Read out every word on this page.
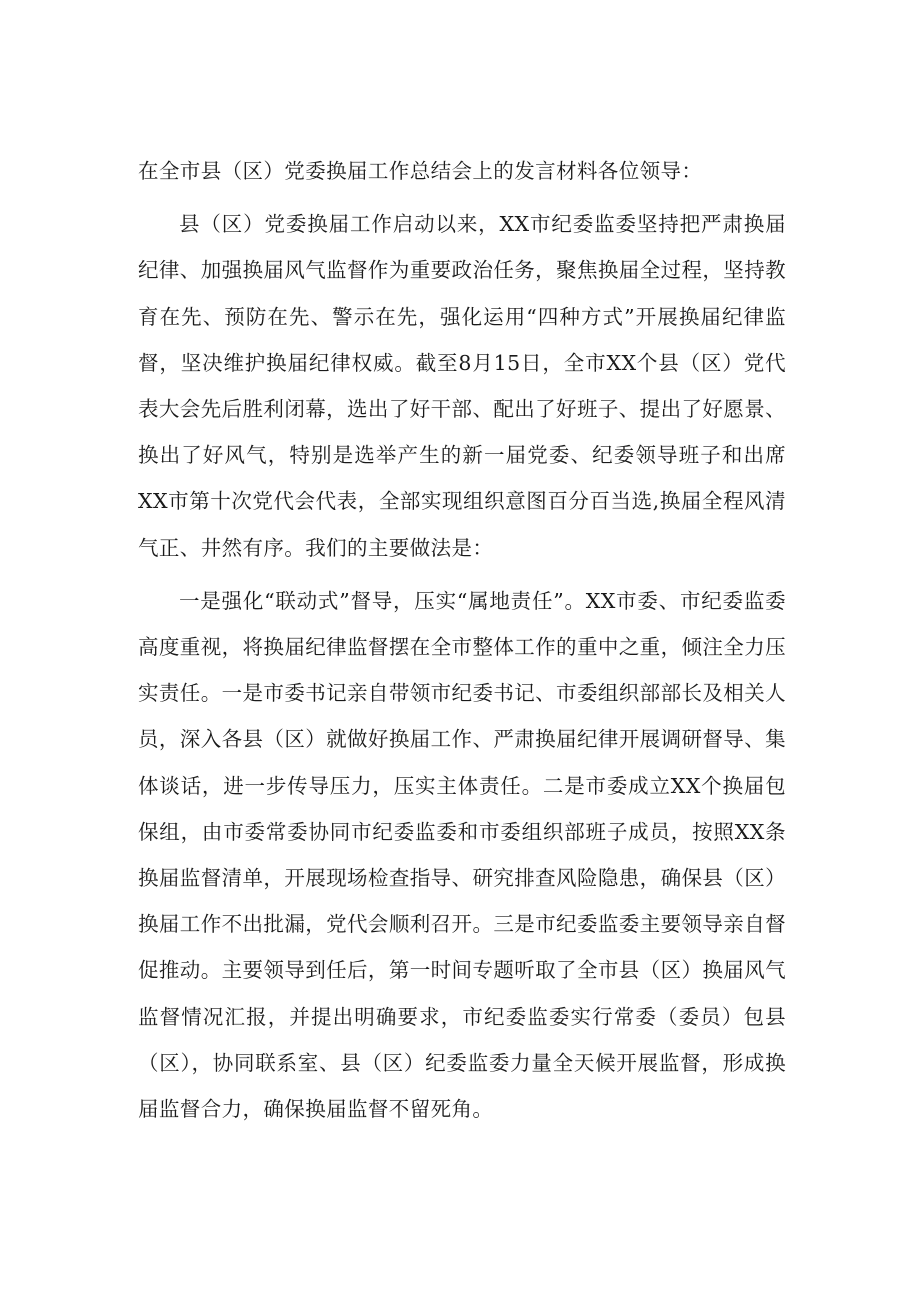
在全市县（区）党委换届工作总结会上的发言材料各位领导：

县（区）党委换届工作启动以来，XX市纪委监委坚持把严肃换届纪律、加强换届风气监督作为重要政治任务，聚焦换届全过程，坚持教育在先、预防在先、警示在先，强化运用“四种方式”开展换届纪律监督，坚决维护换届纪律权威。截至8月15日，全市XX个县（区）党代表大会先后胜利闭幕，选出了好干部、配出了好班子、提出了好愿景、换出了好风气，特别是选举产生的新一届党委、纪委领导班子和出席XX市第十次党代会代表，全部实现组织意图百分百当选,换届全程风清气正、井然有序。我们的主要做法是：

一是强化“联动式”督导，压实“属地责任”。XX市委、市纪委监委高度重视，将换届纪律监督摆在全市整体工作的重中之重，倾注全力压实责任。一是市委书记亲自带领市纪委书记、市委组织部部长及相关人员，深入各县（区）就做好换届工作、严肃换届纪律开展调研督导、集体谈话，进一步传导压力，压实主体责任。二是市委成立XX个换届包保组，由市委常委协同市纪委监委和市委组织部班子成员，按照XX条换届监督清单，开展现场检查指导、研究排查风险隐患，确保县（区）换届工作不出批漏，党代会顺利召开。三是市纪委监委主要领导亲自督促推动。主要领导到任后，第一时间专题听取了全市县（区）换届风气监督情况汇报，并提出明确要求，市纪委监委实行常委（委员）包县（区），协同联系室、县（区）纪委监委力量全天候开展监督，形成换届监督合力，确保换届监督不留死角。
